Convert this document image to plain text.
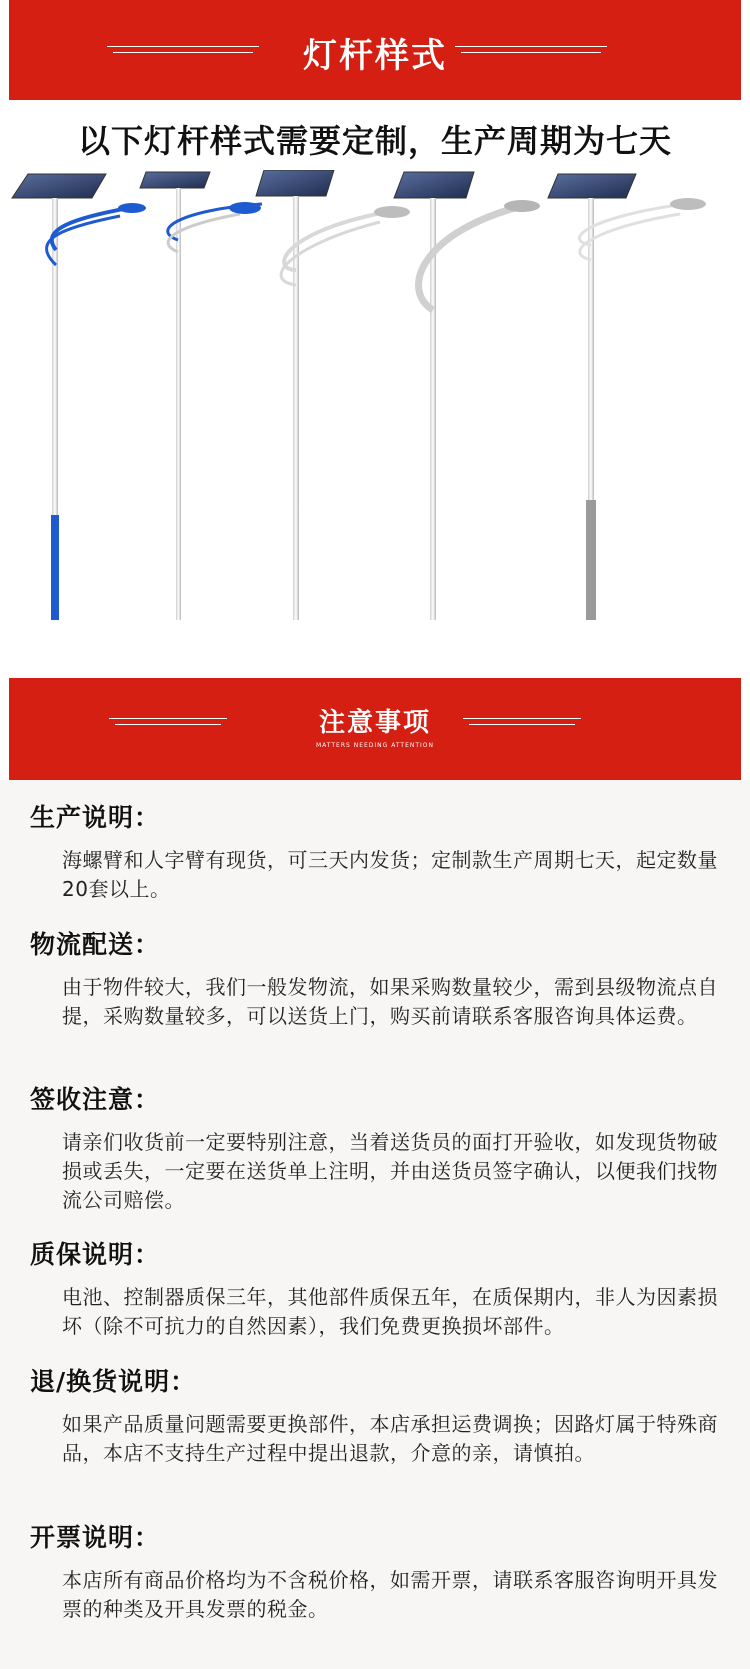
灯杆样式
以下灯杆样式需要定制，生产周期为七天
注意事项
MATTERS NEEDING ATTENTION
生产说明：

海螺臂和人字臂有现货，可三天内发货；定制款生产周期七天，起定数量20套以上。

物流配送：

由于物件较大，我们一般发物流，如果采购数量较少，需到县级物流点自提，采购数量较多，可以送货上门，购买前请联系客服咨询具体运费。

签收注意：

请亲们收货前一定要特别注意，当着送货员的面打开验收，如发现货物破损或丢失，一定要在送货单上注明，并由送货员签字确认，以便我们找物流公司赔偿。

质保说明：

电池、控制器质保三年，其他部件质保五年，在质保期内，非人为因素损坏（除不可抗力的自然因素），我们免费更换损坏部件。

退/换货说明：

如果产品质量问题需要更换部件，本店承担运费调换；因路灯属于特殊商品，本店不支持生产过程中提出退款，介意的亲，请慎拍。

开票说明：

本店所有商品价格均为不含税价格，如需开票，请联系客服咨询明开具发票的种类及开具发票的税金。
